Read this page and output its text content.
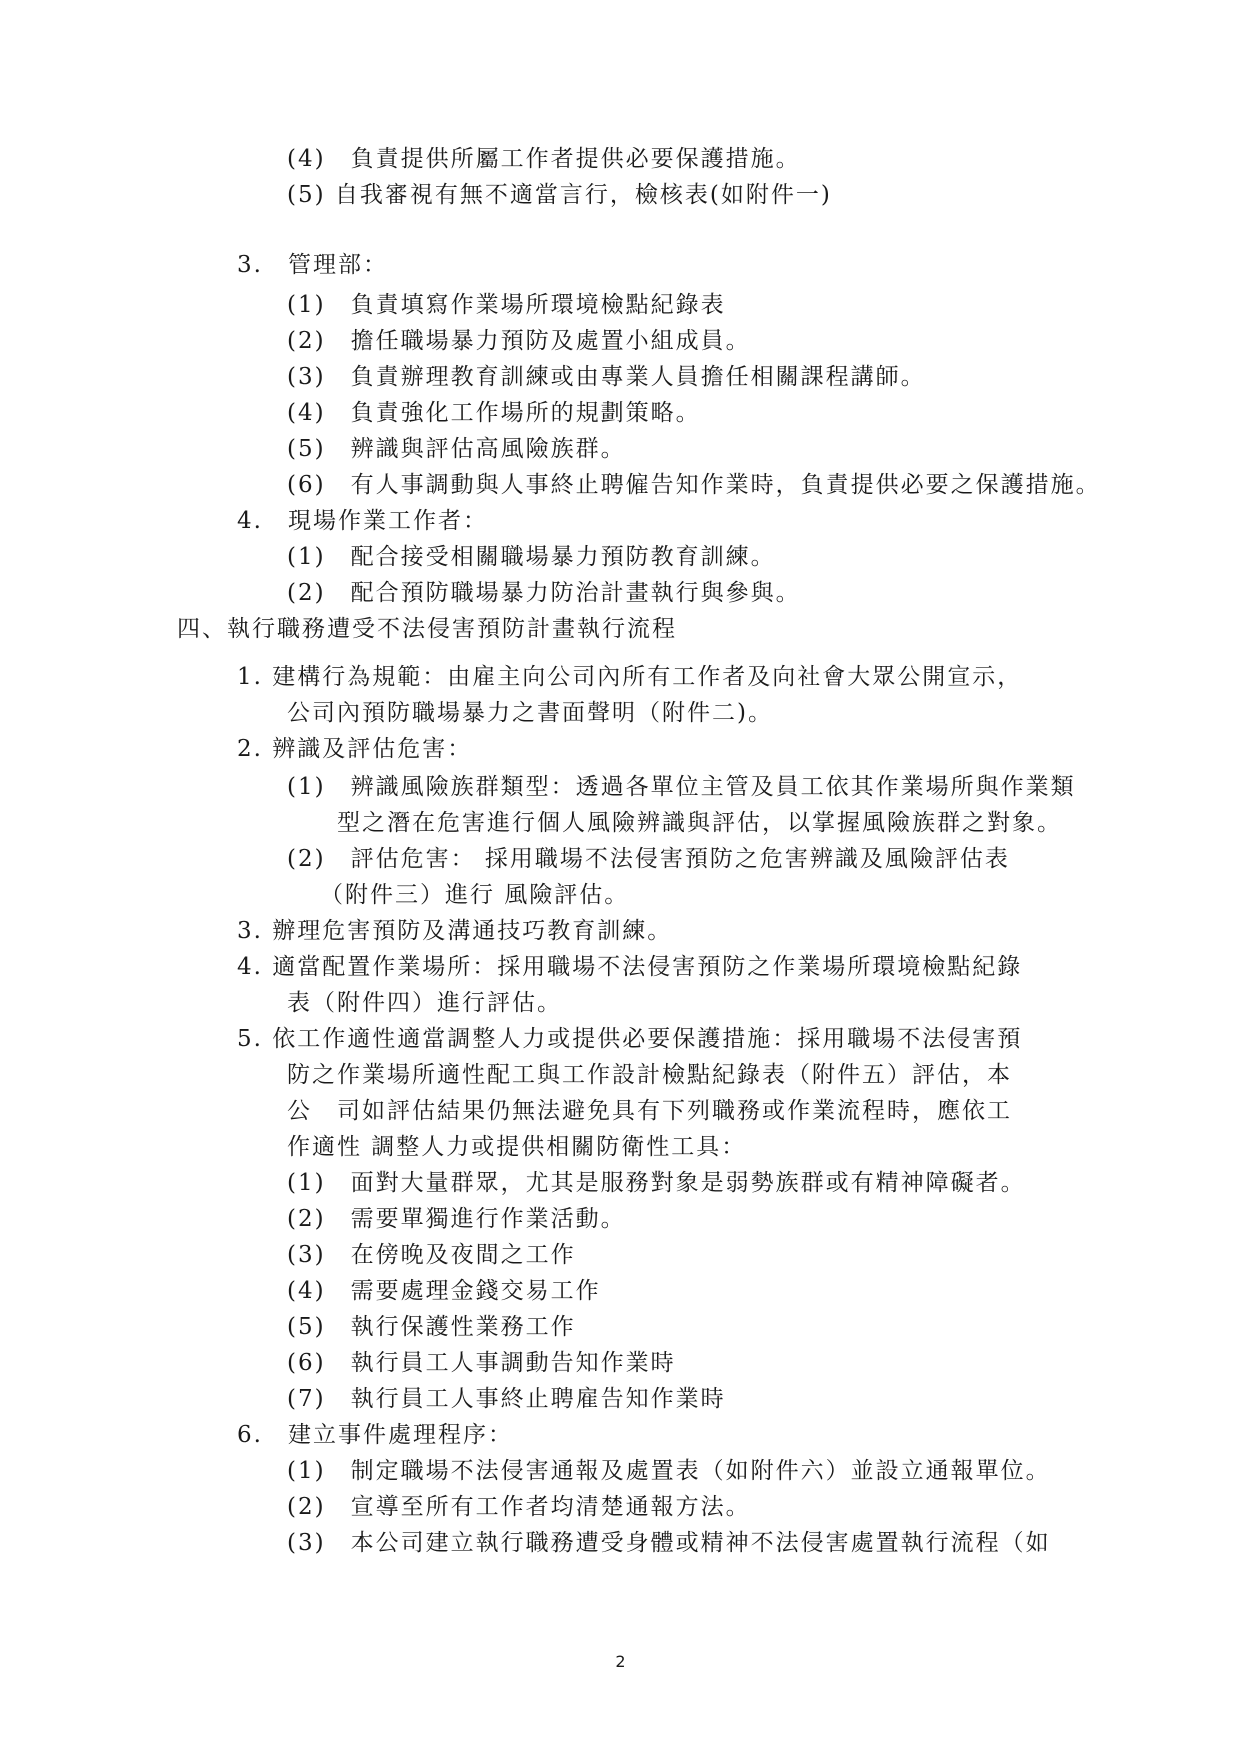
(4)　負責提供所屬工作者提供必要保護措施。
(5) 自我審視有無不適當言行，檢核表(如附件一)
3.　管理部：
(1)　負責填寫作業場所環境檢點紀錄表
(2)　擔任職場暴力預防及處置小組成員。
(3)　負責辦理教育訓練或由專業人員擔任相關課程講師。
(4)　負責強化工作場所的規劃策略。
(5)　辨識與評估高風險族群。
(6)　有人事調動與人事終止聘僱告知作業時，負責提供必要之保護措施。
4.　現場作業工作者：
(1)　配合接受相關職場暴力預防教育訓練。
(2)　配合預防職場暴力防治計畫執行與參與。
四、執行職務遭受不法侵害預防計畫執行流程
1. 建構行為規範：由雇主向公司內所有工作者及向社會大眾公開宣示，
公司內預防職場暴力之書面聲明（附件二)。
2. 辨識及評估危害：
(1)　辨識風險族群類型：透過各單位主管及員工依其作業場所與作業類
型之潛在危害進行個人風險辨識與評估，以掌握風險族群之對象。
(2)　評估危害： 採用職場不法侵害預防之危害辨識及風險評估表
（附件三）進行 風險評估。
3. 辦理危害預防及溝通技巧教育訓練。
4. 適當配置作業場所：採用職場不法侵害預防之作業場所環境檢點紀錄
表（附件四）進行評估。
5. 依工作適性適當調整人力或提供必要保護措施：採用職場不法侵害預
防之作業場所適性配工與工作設計檢點紀錄表（附件五）評估，本
公　司如評估結果仍無法避免具有下列職務或作業流程時，應依工
作適性 調整人力或提供相關防衛性工具：
(1)　面對大量群眾，尤其是服務對象是弱勢族群或有精神障礙者。
(2)　需要單獨進行作業活動。
(3)　在傍晚及夜間之工作
(4)　需要處理金錢交易工作
(5)　執行保護性業務工作
(6)　執行員工人事調動告知作業時
(7)　執行員工人事終止聘雇告知作業時
6.　建立事件處理程序：
(1)　制定職場不法侵害通報及處置表（如附件六）並設立通報單位。
(2)　宣導至所有工作者均清楚通報方法。
(3)　本公司建立執行職務遭受身體或精神不法侵害處置執行流程（如
2
